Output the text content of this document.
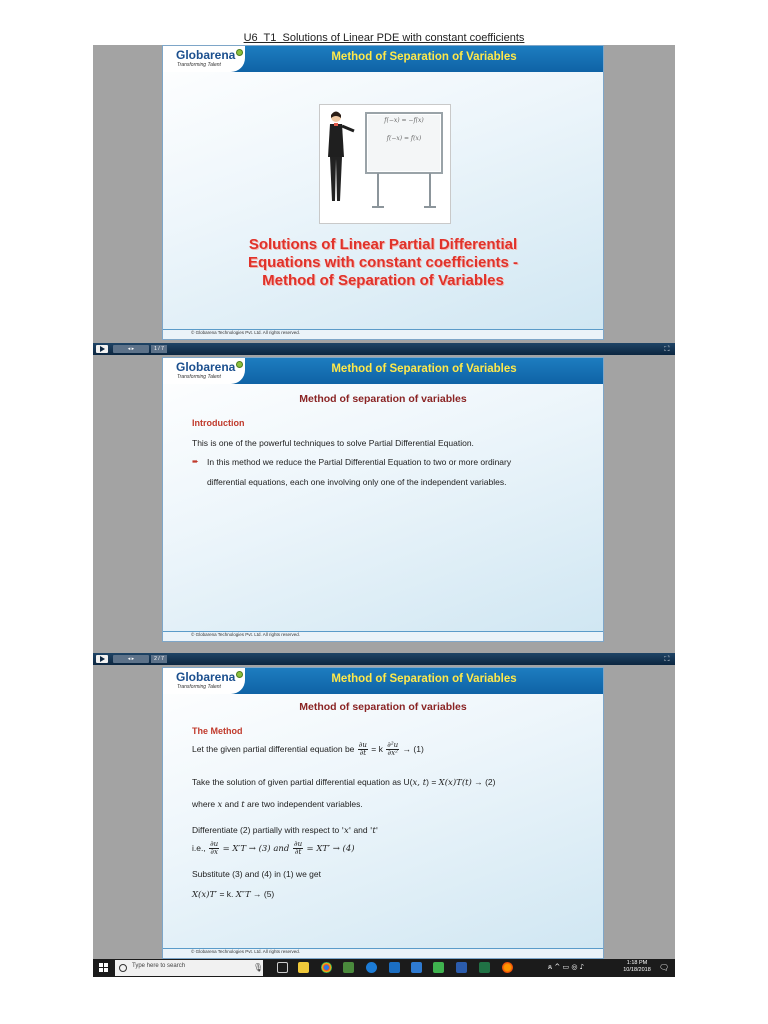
U6  T1  Solutions of Linear PDE with constant coefficients
Globarena
Transforming Talent
Method of Separation of Variables
f(−x) = −f(x)
f(−x) = f(x)
Solutions of Linear Partial Differential
Equations with constant coefficients -
Method of Separation of Variables
© Globarena Technologies Pvt. Ltd. All rights reserved.
◂ ▸	1 / 7	⛶
Globarena
Transforming Talent
Method of Separation of Variables
Method of separation of variables
Introduction
This is one of the powerful techniques to solve Partial Differential Equation.
➨ In this method we reduce the Partial Differential Equation to two or more ordinary
differential equations, each one involving only one of the independent variables.
© Globarena Technologies Pvt. Ltd. All rights reserved.
◂ ▸	2 / 7	⛶
Globarena
Transforming Talent
Method of Separation of Variables
Method of separation of variables
The Method
Let the given partial differential equation be $\frac{\partial u}{\partial t} = k \frac{\text{∂²u}}{\text{∂x²}} \to (1)$
Take the solution of given partial differential equation as U(x, t) = X(x)T(t) → (2)
where x and t are two independent variables.
Differentiate (2) partially with respect to 'x' and 't'
i.e., $\frac{\partial u}{\partial x} = X'T \to (3)$ and $\frac{\partial u}{\partial t} = XT' \to (4)$
Substitute (3) and (4) in (1) we get
X(x)T′ = k. X″T → (5)
© Globarena Technologies Pvt. Ltd. All rights reserved.
Type here to search	🎙	ጰ ^ ▭ ◎ ♪	1:18 PM
10/18/2018	🗨
